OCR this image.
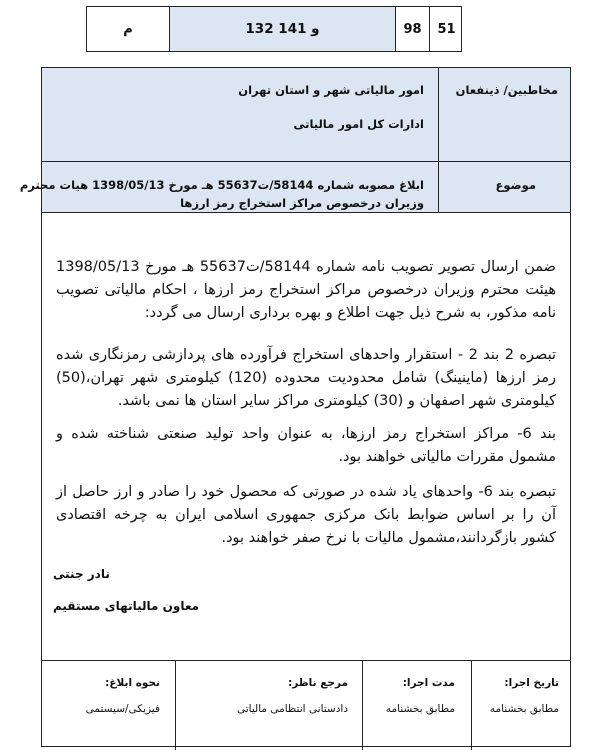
م	132 و 141	98	51
مخاطبین/ ذینفعان
امور مالیاتی شهر و استان تهران
ادارات کل امور مالیاتی
موضوع
ابلاغ مصوبه شماره 58144/ت55637 هـ مورخ 1398/05/13 هیات محترم
وزیران درخصوص مراکز استخراج رمز ارزها

ضمن ارسال تصویر تصویب نامه شماره 58144/ت55637 هـ مورخ 1398/05/13 هیئت محترم وزیران درخصوص مراکز استخراج رمز ارزها ، احکام مالیاتی تصویب نامه مذکور، به شرح ذیل جهت اطلاع و بهره برداری ارسال می گردد:

تبصره 2 بند 2 - استقرار واحدهای استخراج فرآورده های پردازشی رمزنگاری شده رمز ارزها (ماینینگ) شامل محدودیت محدوده (120) کیلومتری شهر تهران،(50) کیلومتری شهر اصفهان و (30) کیلومتری مراکز سایر استان ها نمی باشد.

بند 6- مراکز استخراج رمز ارزها، به عنوان واحد تولید صنعتی شناخته شده و مشمول مقررات مالیاتی خواهند بود.

تبصره بند 6- واحدهای یاد شده در صورتی که محصول خود را صادر و ارز حاصل از آن را بر اساس ضوابط بانک مرکزی جمهوری اسلامی ایران به چرخه اقتصادی کشور بازگردانند،مشمول مالیات با نرخ صفر خواهند بود.

نادر جنتی
معاون مالیاتهای مستقیم
تاریخ اجرا:
مطابق بخشنامه
مدت اجرا:
مطابق بخشنامه
مرجع ناظر:
دادستانی انتظامی مالیاتی
نحوه ابلاغ:
فیزیکی/سیستمی
